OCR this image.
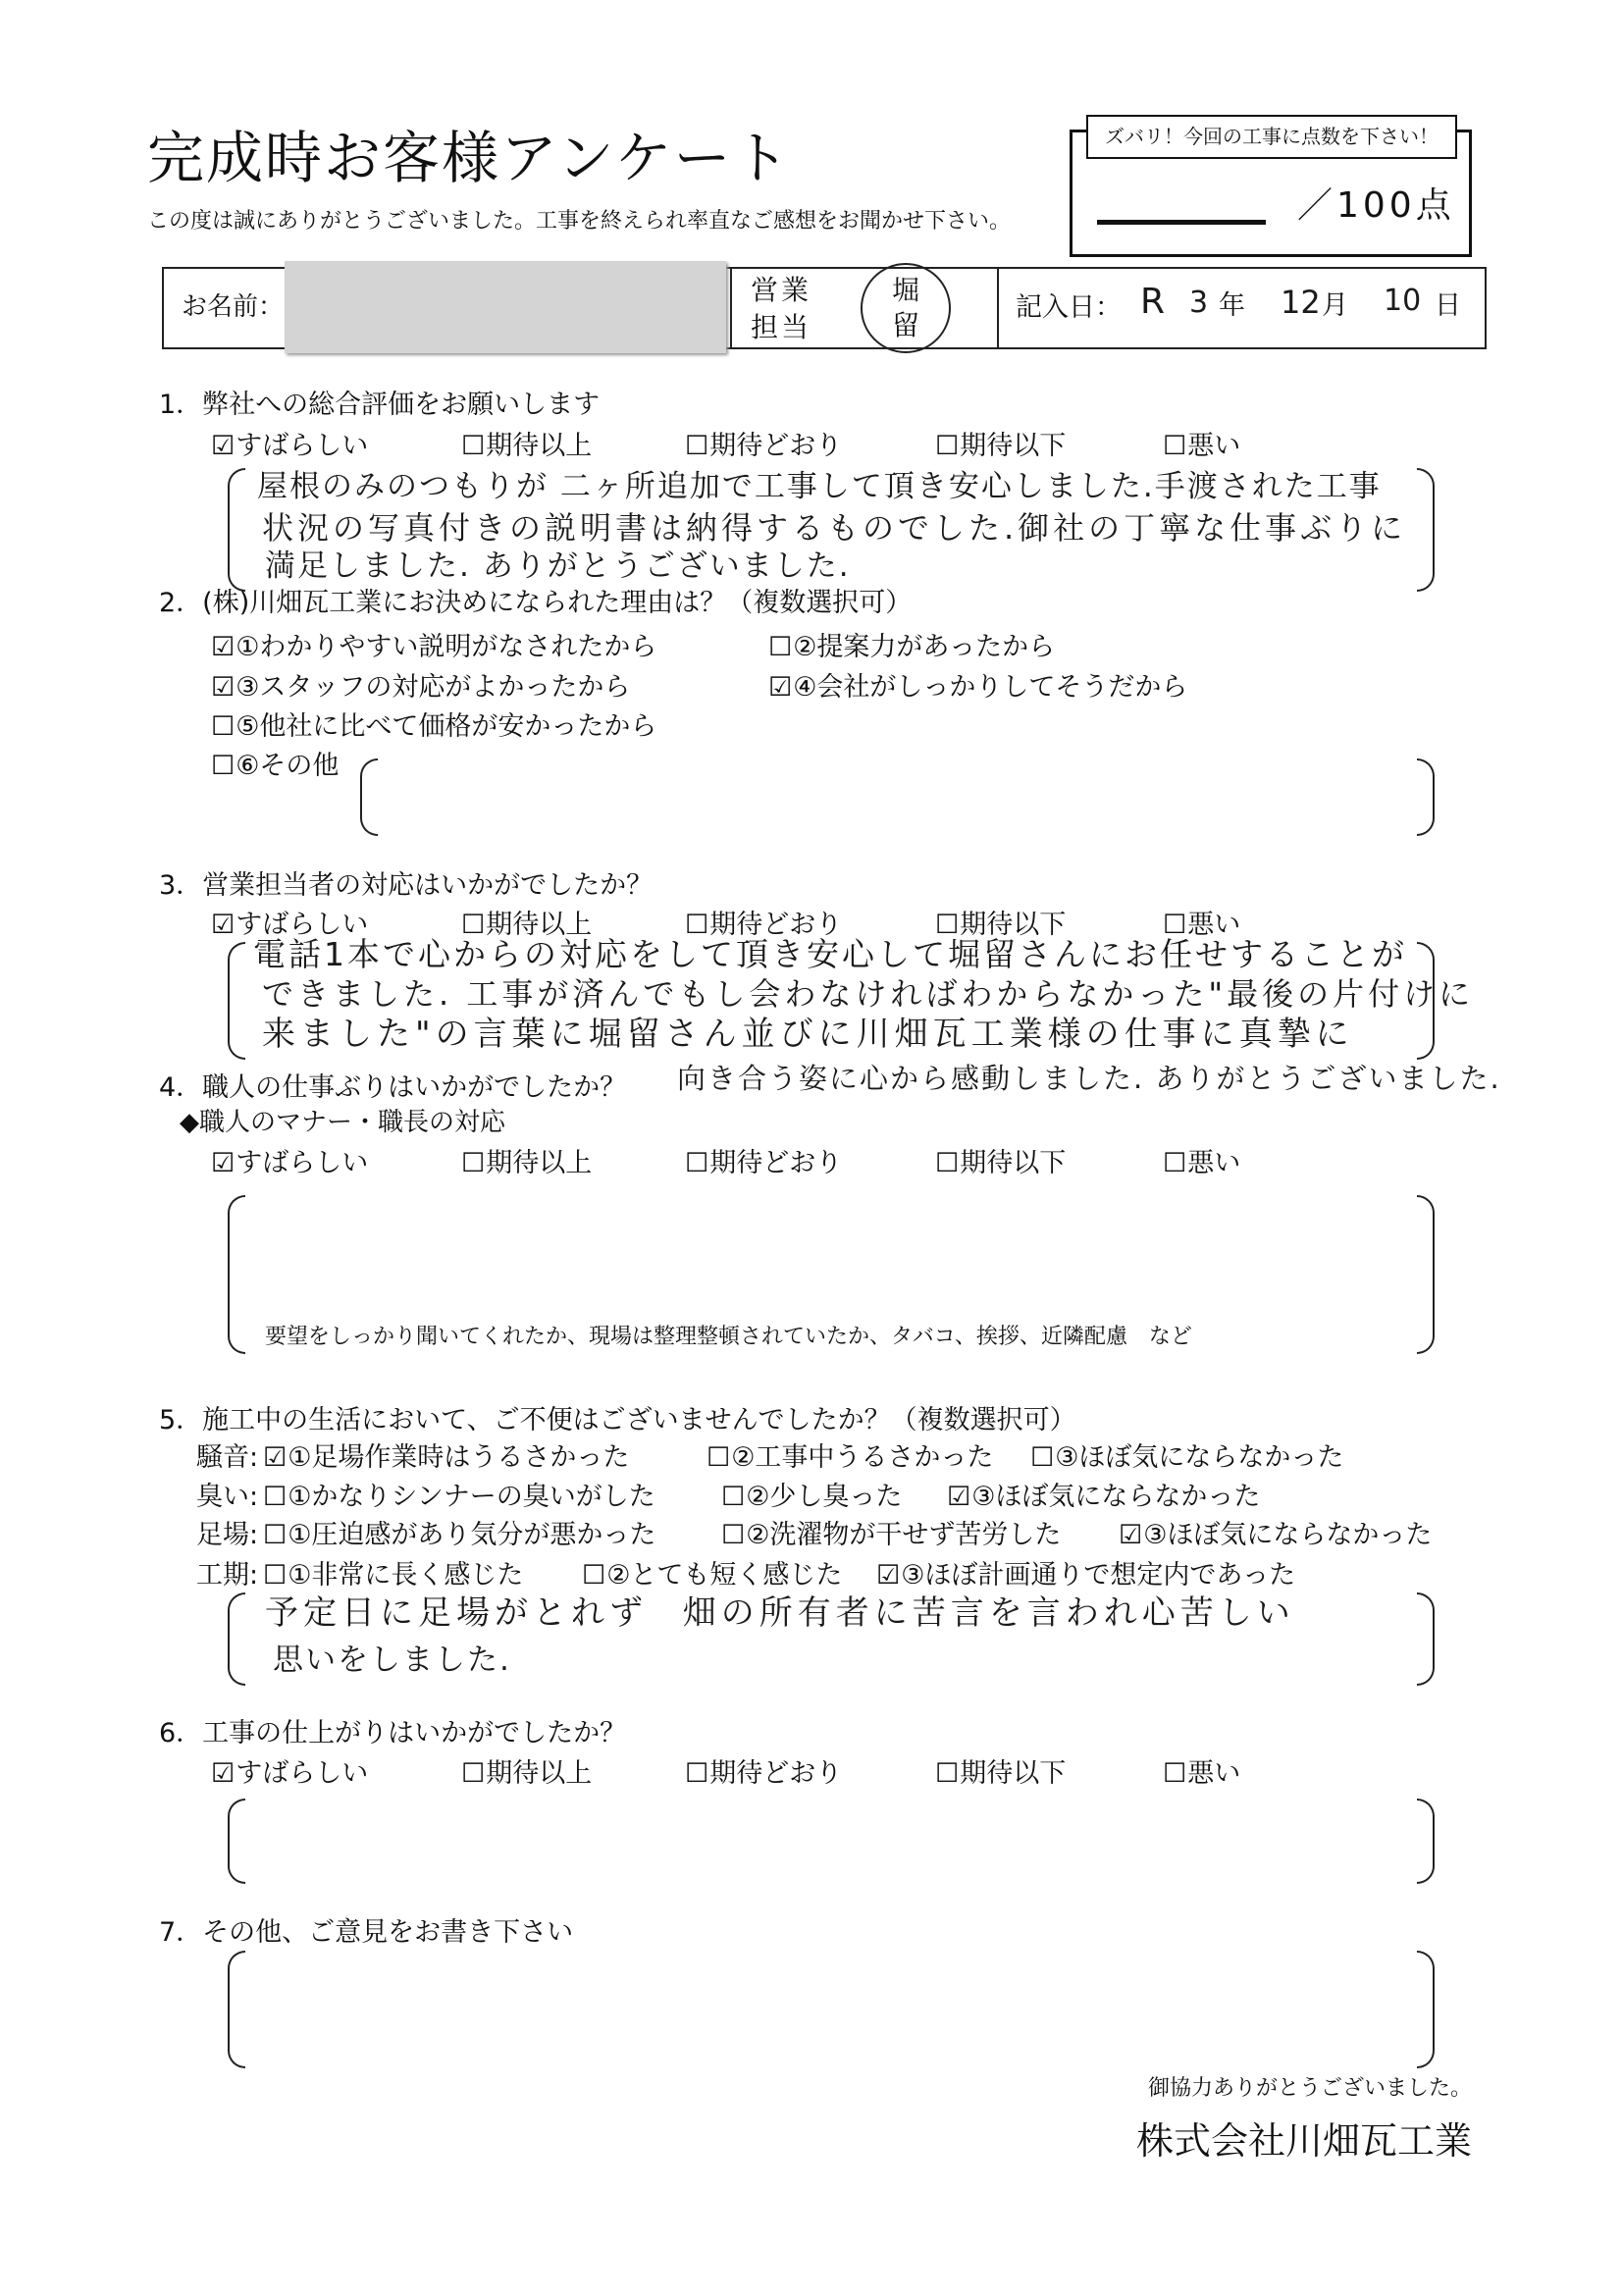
完成時お客様アンケート
この度は誠にありがとうございました。工事を終えられ率直なご感想をお聞かせ下さい。
ズバリ！今回の工事に点数を下さい！
／100点
お名前：
営業
担当
堀
留
記入日： R 3 年 12 月 10 日
1．弊社への総合評価をお願いします
☑すばらしい	☐期待以上	☐期待どおり	☐期待以下	☐悪い
屋根のみのつもりが 二ヶ所追加で工事して頂き安心しました.手渡された工事
状況の写真付きの説明書は納得するものでした.御社の丁寧な仕事ぶりに
満足しました. ありがとうございました.
2．(株)川畑瓦工業にお決めになられた理由は？（複数選択可）
☑①わかりやすい説明がなされたから	☐②提案力があったから
☑③スタッフの対応がよかったから	☑④会社がしっかりしてそうだから
☐⑤他社に比べて価格が安かったから
☐⑥その他
3．営業担当者の対応はいかがでしたか？
☑すばらしい	☐期待以上	☐期待どおり	☐期待以下	☐悪い
電話1本で心からの対応をして頂き安心して堀留さんにお任せすることが
できました. 工事が済んでもし会わなければわからなかった"最後の片付けに
来ました"の言葉に堀留さん並びに川畑瓦工業様の仕事に真摯に
向き合う姿に心から感動しました. ありがとうございました.
4．職人の仕事ぶりはいかがでしたか？
◆職人のマナー・職長の対応
☑すばらしい	☐期待以上	☐期待どおり	☐期待以下	☐悪い
要望をしっかり聞いてくれたか、現場は整理整頓されていたか、タバコ、挨拶、近隣配慮　など
5．施工中の生活において、ご不便はございませんでしたか？（複数選択可）
騒音: ☑①足場作業時はうるさかった	☐②工事中うるさかった ☐③ほぼ気にならなかった
臭い: ☐①かなりシンナーの臭いがした ☐②少し臭った ☑③ほぼ気にならなかった
足場: ☐①圧迫感があり気分が悪かった ☐②洗濯物が干せず苦労した ☑③ほぼ気にならなかった
工期: ☐①非常に長く感じた ☐②とても短く感じた ☑③ほぼ計画通りで想定内であった
予定日に足場がとれず 畑の所有者に苦言を言われ心苦しい
思いをしました.
6．工事の仕上がりはいかがでしたか？
☑すばらしい	☐期待以上	☐期待どおり	☐期待以下	☐悪い
7．その他、ご意見をお書き下さい
御協力ありがとうございました。
株式会社川畑瓦工業
